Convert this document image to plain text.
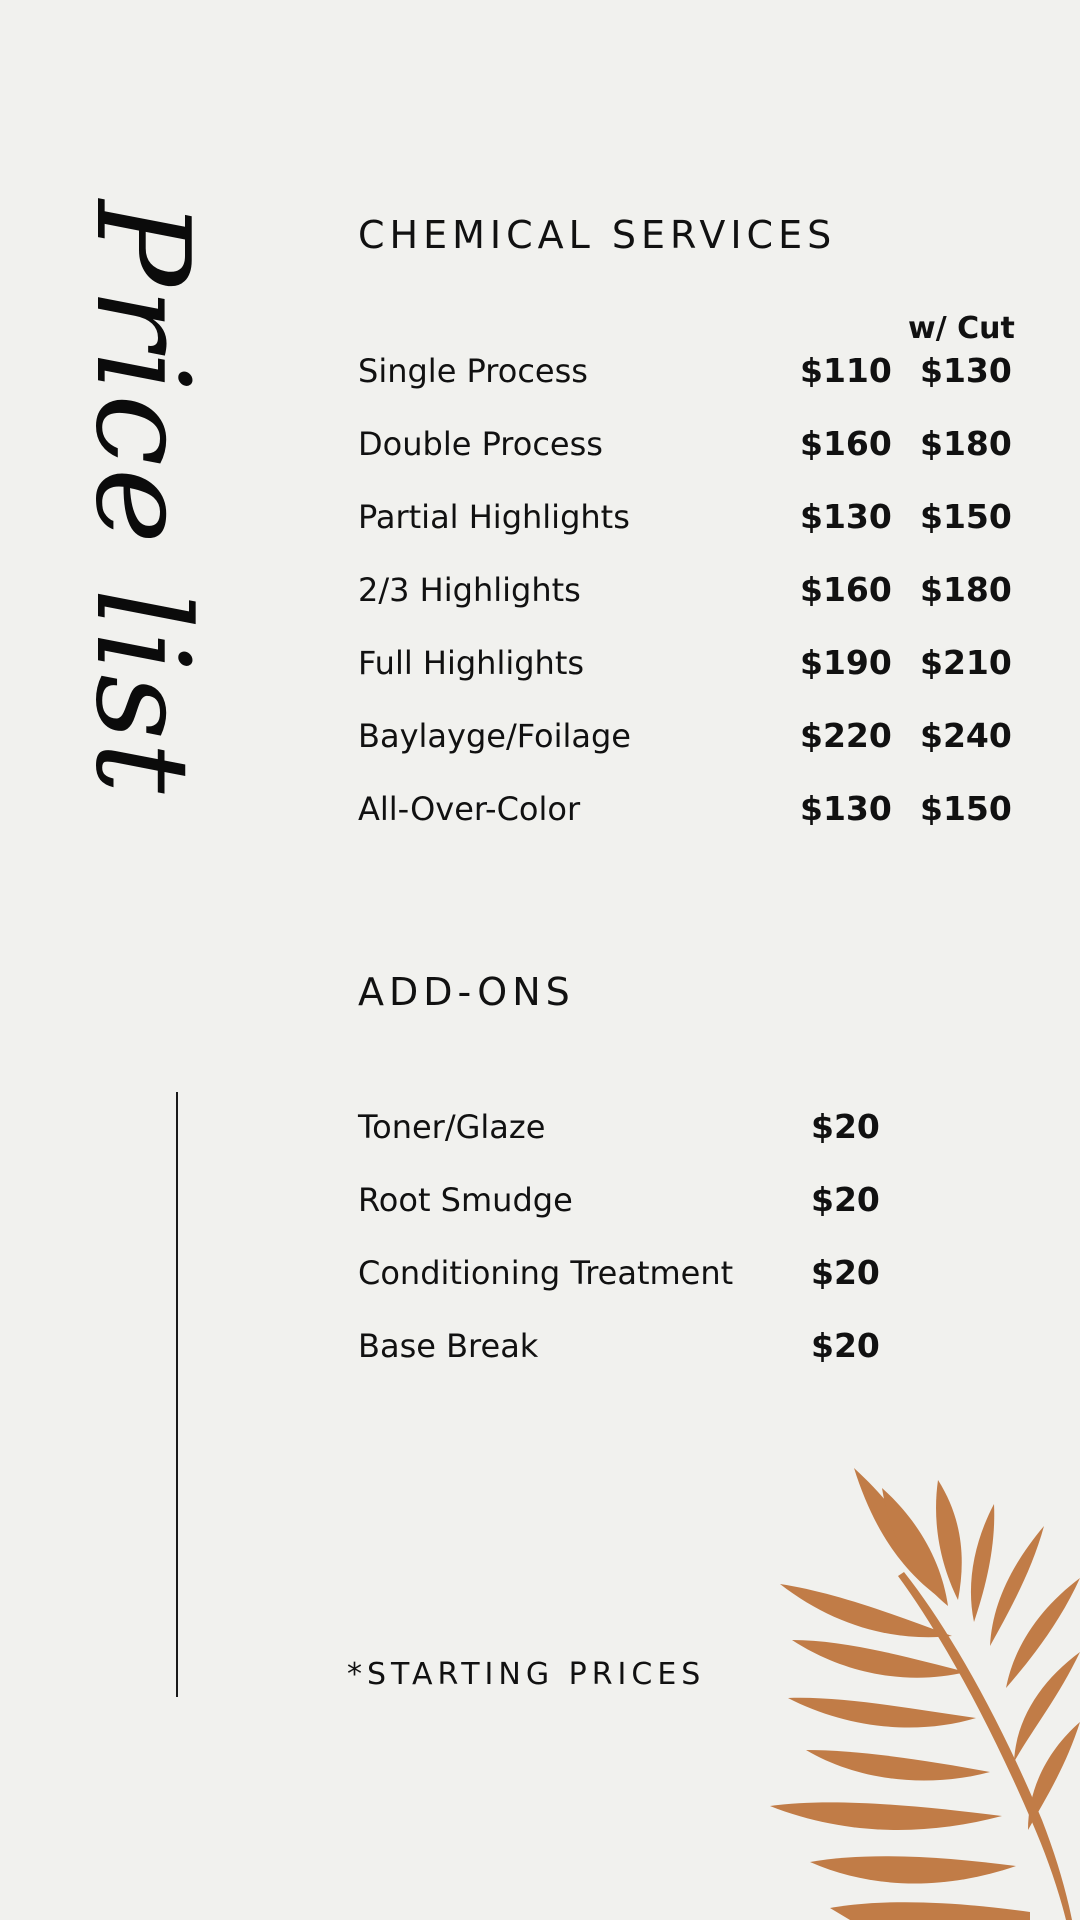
Price list	CHEMICAL SERVICES
w/ Cut
Single Process	$110 $130
Double Process	$160 $180
Partial Highlights	$130 $150
2/3 Highlights	$160 $180
Full Highlights	$190 $210
Baylayge/Foilage	$220 $240
All-Over-Color	$130 $150
ADD-ONS
Toner/Glaze	$20
Root Smudge	$20
Conditioning Treatment $20
Base Break	$20
*STARTING PRICES
